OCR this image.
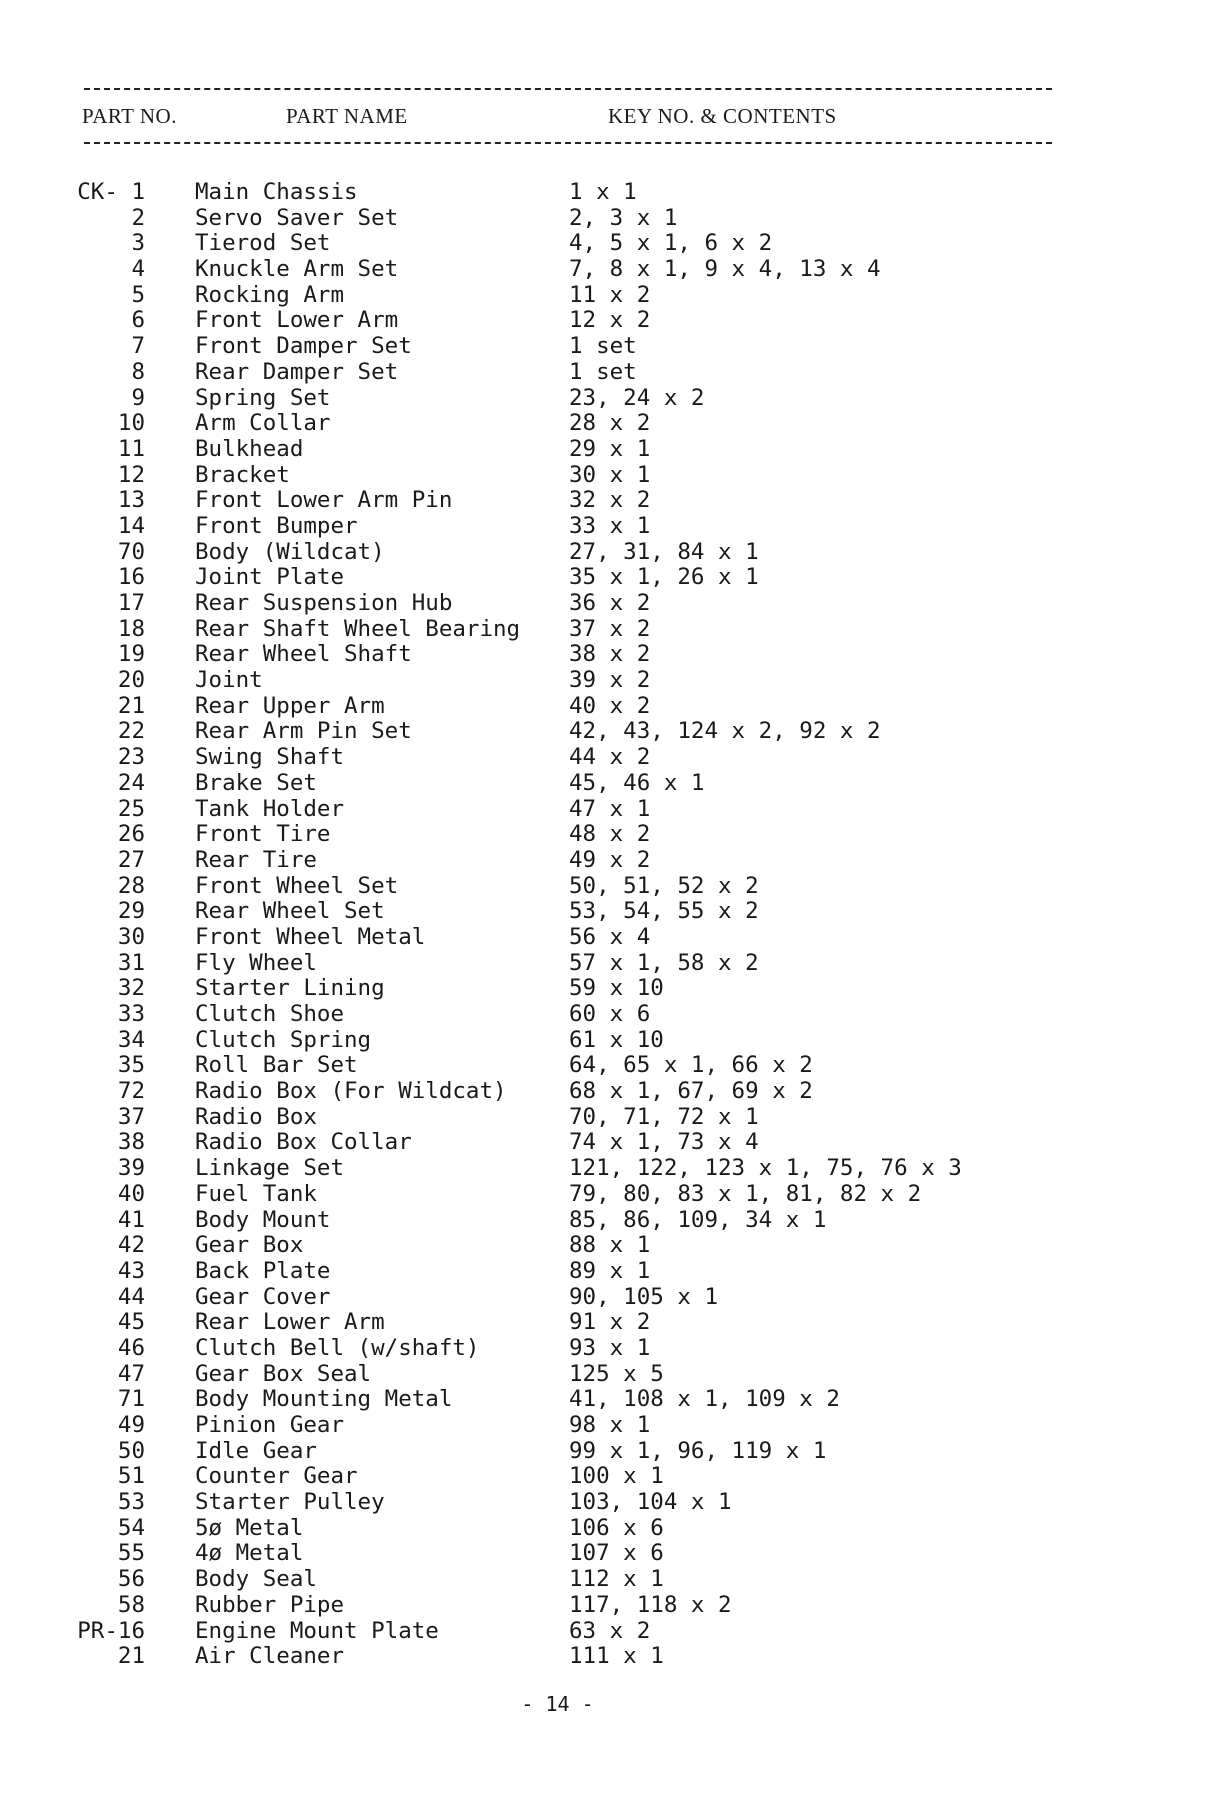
PART NO.	PART NAME	KEY NO. & CONTENTS
CK- 1 Main Chassis	1 x 1
2 Servo Saver Set	2, 3 x 1
3 Tierod Set	4, 5 x 1, 6 x 2
4 Knuckle Arm Set	7, 8 x 1, 9 x 4, 13 x 4
5 Rocking Arm	11 x 2
6 Front Lower Arm	12 x 2
7 Front Damper Set	1 set
8 Rear Damper Set	1 set
9 Spring Set	23, 24 x 2
10 Arm Collar	28 x 2
11 Bulkhead	29 x 1
12 Bracket	30 x 1
13 Front Lower Arm Pin	32 x 2
14 Front Bumper	33 x 1
70 Body (Wildcat)	27, 31, 84 x 1
16 Joint Plate	35 x 1, 26 x 1
17 Rear Suspension Hub	36 x 2
18 Rear Shaft Wheel Bearing 37 x 2
19 Rear Wheel Shaft	38 x 2
20 Joint	39 x 2
21 Rear Upper Arm	40 x 2
22 Rear Arm Pin Set	42, 43, 124 x 2, 92 x 2
23 Swing Shaft	44 x 2
24 Brake Set	45, 46 x 1
25 Tank Holder	47 x 1
26 Front Tire	48 x 2
27 Rear Tire	49 x 2
28 Front Wheel Set	50, 51, 52 x 2
29 Rear Wheel Set	53, 54, 55 x 2
30 Front Wheel Metal	56 x 4
31 Fly Wheel	57 x 1, 58 x 2
32 Starter Lining	59 x 10
33 Clutch Shoe	60 x 6
34 Clutch Spring	61 x 10
35 Roll Bar Set	64, 65 x 1, 66 x 2
72 Radio Box (For Wildcat)	68 x 1, 67, 69 x 2
37 Radio Box	70, 71, 72 x 1
38 Radio Box Collar	74 x 1, 73 x 4
39 Linkage Set	121, 122, 123 x 1, 75, 76 x 3
40 Fuel Tank	79, 80, 83 x 1, 81, 82 x 2
41 Body Mount	85, 86, 109, 34 x 1
42 Gear Box	88 x 1
43 Back Plate	89 x 1
44 Gear Cover	90, 105 x 1
45 Rear Lower Arm	91 x 2
46 Clutch Bell (w/shaft)	93 x 1
47 Gear Box Seal	125 x 5
71 Body Mounting Metal	41, 108 x 1, 109 x 2
49 Pinion Gear	98 x 1
50 Idle Gear	99 x 1, 96, 119 x 1
51 Counter Gear	100 x 1
53 Starter Pulley	103, 104 x 1
54 5ø Metal	106 x 6
55 4ø Metal	107 x 6
56 Body Seal	112 x 1
58 Rubber Pipe	117, 118 x 2
PR-16 Engine Mount Plate	63 x 2
21 Air Cleaner	111 x 1
- 14 -
